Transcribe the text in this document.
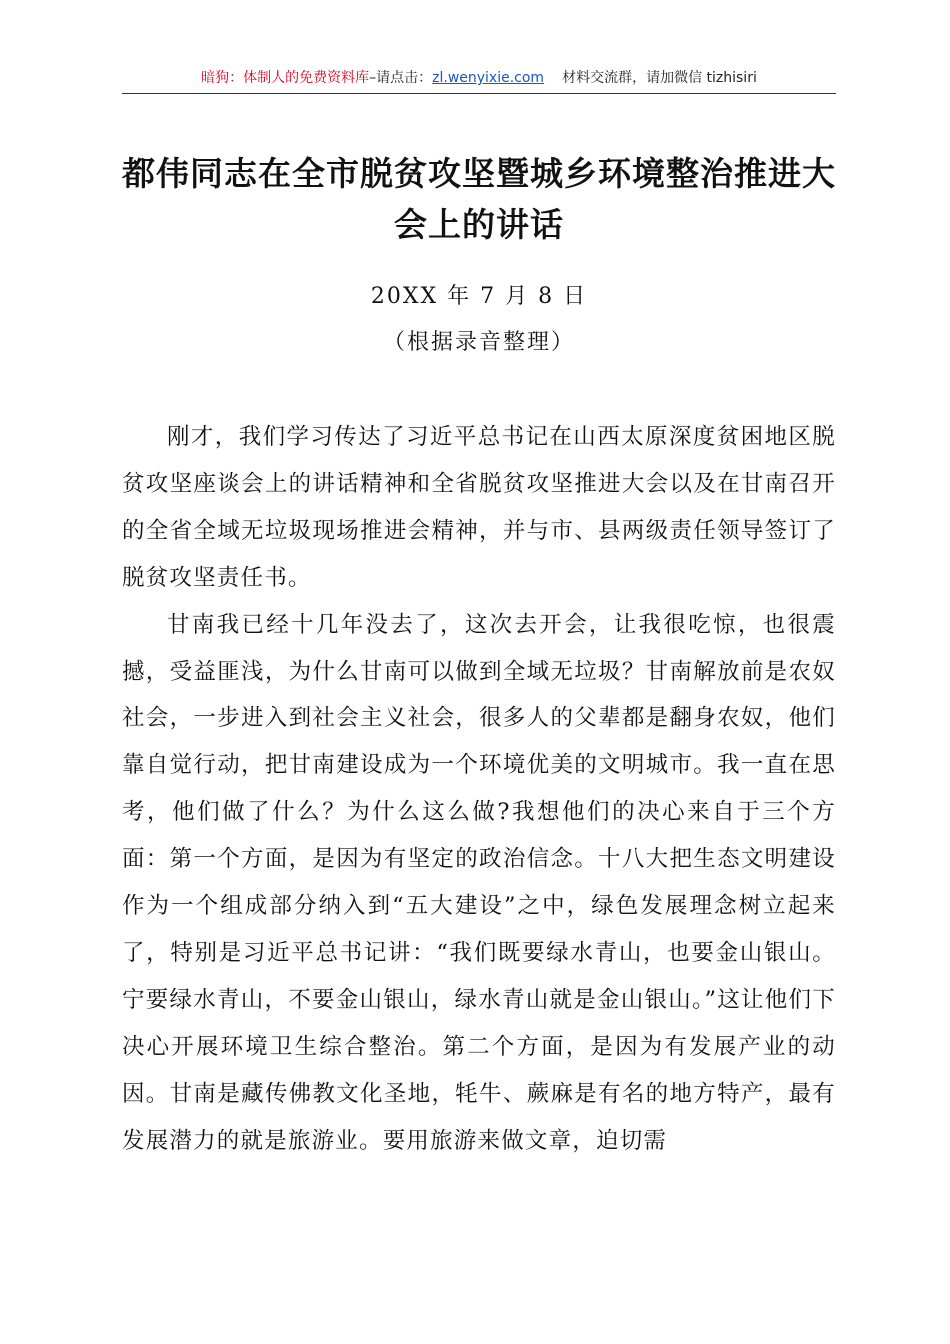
暗狗：体制人的免费资料库–请点击：zl.wenyixie.com 材料交流群，请加微信 tizhisiri
都伟同志在全市脱贫攻坚暨城乡环境整治推进大会上的讲话
20XX 年 7 月 8 日
（根据录音整理）

刚才，我们学习传达了习近平总书记在山西太原深度贫困地区脱贫攻坚座谈会上的讲话精神和全省脱贫攻坚推进大会以及在甘南召开的全省全域无垃圾现场推进会精神，并与市、县两级责任领导签订了脱贫攻坚责任书。

甘南我已经十几年没去了，这次去开会，让我很吃惊，也很震撼，受益匪浅，为什么甘南可以做到全域无垃圾？甘南解放前是农奴社会，一步进入到社会主义社会，很多人的父辈都是翻身农奴，他们靠自觉行动，把甘南建设成为一个环境优美的文明城市。我一直在思考，他们做了什么？为什么这么做?我想他们的决心来自于三个方面：第一个方面，是因为有坚定的政治信念。十八大把生态文明建设作为一个组成部分纳入到“五大建设”之中，绿色发展理念树立起来了，特别是习近平总书记讲：“我们既要绿水青山，也要金山银山。宁要绿水青山，不要金山银山，绿水青山就是金山银山。”这让他们下决心开展环境卫生综合整治。第二个方面，是因为有发展产业的动因。甘南是藏传佛教文化圣地，牦牛、蕨麻是有名的地方特产，最有发展潜力的就是旅游业。要用旅游来做文章，迫切需
